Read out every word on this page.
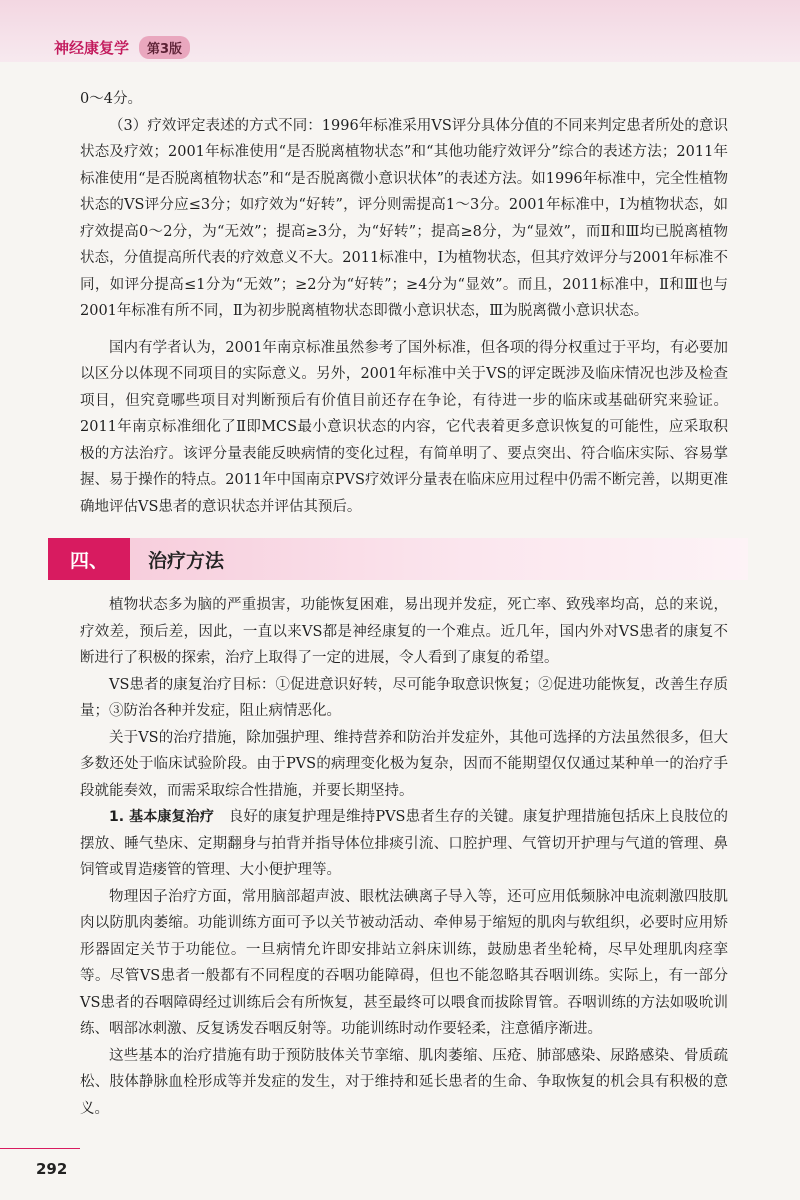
神经康复学	第3版

0～4分。

（3）疗效评定表述的方式不同：1996年标准采用VS评分具体分值的不同来判定患者所处的意识状态及疗效；2001年标准使用“是否脱离植物状态”和“其他功能疗效评分”综合的表述方法；2011年标准使用“是否脱离植物状态”和“是否脱离微小意识状体”的表述方法。如1996年标准中，完全性植物状态的VS评分应≤3分；如疗效为“好转”，评分则需提高1～3分。2001年标准中，Ⅰ为植物状态，如疗效提高0～2分，为“无效”；提高≥3分，为“好转”；提高≥8分，为“显效”，而Ⅱ和Ⅲ均已脱离植物状态，分值提高所代表的疗效意义不大。2011标准中，Ⅰ为植物状态，但其疗效评分与2001年标准不同，如评分提高≤1分为“无效”；≥2分为“好转”；≥4分为“显效”。而且，2011标准中，Ⅱ和Ⅲ也与2001年标准有所不同，Ⅱ为初步脱离植物状态即微小意识状态，Ⅲ为脱离微小意识状态。

国内有学者认为，2001年南京标准虽然参考了国外标准，但各项的得分权重过于平均，有必要加以区分以体现不同项目的实际意义。另外，2001年标准中关于VS的评定既涉及临床情况也涉及检查项目，但究竟哪些项目对判断预后有价值目前还存在争论，有待进一步的临床或基础研究来验证。2011年南京标准细化了Ⅱ即MCS最小意识状态的内容，它代表着更多意识恢复的可能性，应采取积极的方法治疗。该评分量表能反映病情的变化过程，有简单明了、要点突出、符合临床实际、容易掌握、易于操作的特点。2011年中国南京PVS疗效评分量表在临床应用过程中仍需不断完善，以期更准确地评估VS患者的意识状态并评估其预后。

四、	治疗方法

植物状态多为脑的严重损害，功能恢复困难，易出现并发症，死亡率、致残率均高，总的来说，疗效差，预后差，因此，一直以来VS都是神经康复的一个难点。近几年，国内外对VS患者的康复不断进行了积极的探索，治疗上取得了一定的进展，令人看到了康复的希望。

VS患者的康复治疗目标：①促进意识好转，尽可能争取意识恢复；②促进功能恢复，改善生存质量；③防治各种并发症，阻止病情恶化。

关于VS的治疗措施，除加强护理、维持营养和防治并发症外，其他可选择的方法虽然很多，但大多数还处于临床试验阶段。由于PVS的病理变化极为复杂，因而不能期望仅仅通过某种单一的治疗手段就能奏效，而需采取综合性措施，并要长期坚持。

1. 基本康复治疗　 良好的康复护理是维持PVS患者生存的关键。康复护理措施包括床上良肢位的摆放、睡气垫床、定期翻身与拍背并指导体位排痰引流、口腔护理、气管切开护理与气道的管理、鼻饲管或胃造瘘管的管理、大小便护理等。

物理因子治疗方面，常用脑部超声波、眼枕法碘离子导入等，还可应用低频脉冲电流刺激四肢肌肉以防肌肉萎缩。功能训练方面可予以关节被动活动、牵伸易于缩短的肌肉与软组织，必要时应用矫形器固定关节于功能位。一旦病情允许即安排站立斜床训练，鼓励患者坐轮椅，尽早处理肌肉痉挛等。尽管VS患者一般都有不同程度的吞咽功能障碍，但也不能忽略其吞咽训练。实际上，有一部分VS患者的吞咽障碍经过训练后会有所恢复，甚至最终可以喂食而拔除胃管。吞咽训练的方法如吸吮训练、咽部冰刺激、反复诱发吞咽反射等。功能训练时动作要轻柔，注意循序渐进。

这些基本的治疗措施有助于预防肢体关节挛缩、肌肉萎缩、压疮、肺部感染、尿路感染、骨质疏松、肢体静脉血栓形成等并发症的发生，对于维持和延长患者的生命、争取恢复的机会具有积极的意义。

292
